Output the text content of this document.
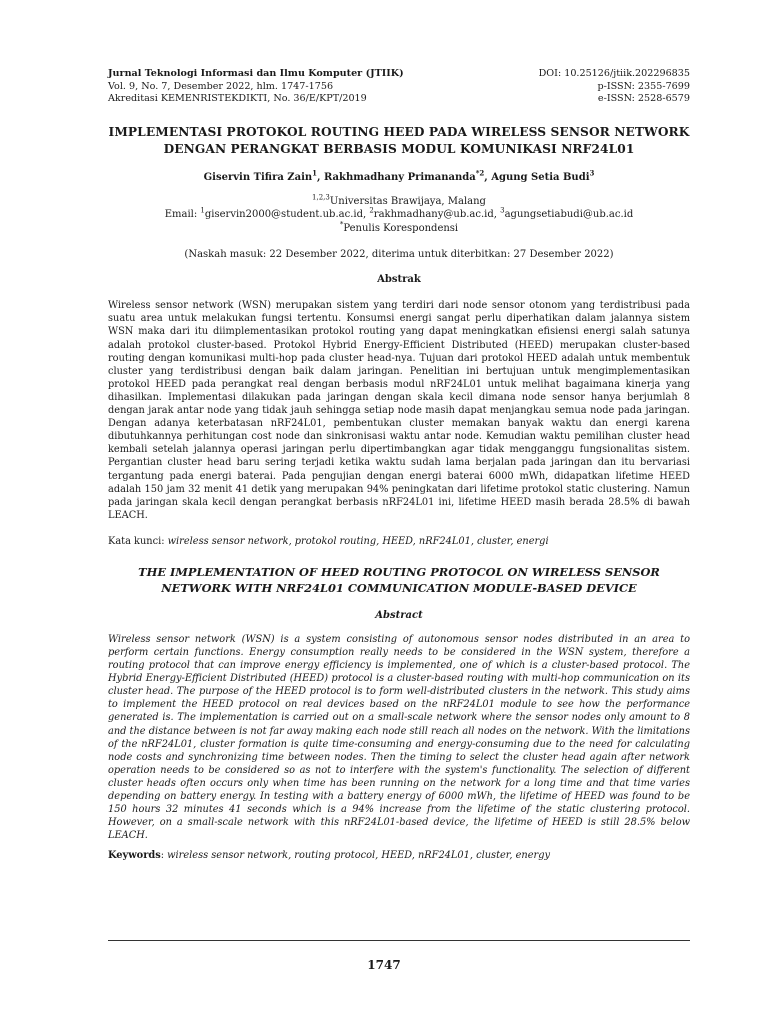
Jurnal Teknologi Informasi dan Ilmu Komputer (JTIIK)
Vol. 9, No. 7, Desember 2022, hlm. 1747-1756
Akreditasi KEMENRISTEKDIKTI, No. 36/E/KPT/2019
DOI: 10.25126/jtiik.202296835
p-ISSN: 2355-7699
e-ISSN: 2528-6579
IMPLEMENTASI PROTOKOL ROUTING HEED PADA WIRELESS SENSOR NETWORK DENGAN PERANGKAT BERBASIS MODUL KOMUNIKASI NRF24L01
Giservin Tifira Zain$^1$, Rakhmadhany Primananda$^{*2}$, Agung Setia Budi$^3$
$^{1,2,3}$Universitas Brawijaya, Malang
Email: $^1$giservin2000@student.ub.ac.id, $^2$rakhmadhany@ub.ac.id, $^3$agungsetiabudi@ub.ac.id
*Penulis Korespondensi
(Naskah masuk: 22 Desember 2022, diterima untuk diterbitkan: 27 Desember 2022)
Abstrak
Wireless sensor network (WSN) merupakan sistem yang terdiri dari node sensor otonom yang terdistribusi pada suatu area untuk melakukan fungsi tertentu. Konsumsi energi sangat perlu diperhatikan dalam jalannya sistem WSN maka dari itu diimplementasikan protokol routing yang dapat meningkatkan efisiensi energi salah satunya adalah protokol cluster-based. Protokol Hybrid Energy-Efficient Distributed (HEED) merupakan cluster-based routing dengan komunikasi multi-hop pada cluster head-nya. Tujuan dari protokol HEED adalah untuk membentuk cluster yang terdistribusi dengan baik dalam jaringan. Penelitian ini bertujuan untuk mengimplementasikan protokol HEED pada perangkat real dengan berbasis modul nRF24L01 untuk melihat bagaimana kinerja yang dihasilkan. Implementasi dilakukan pada jaringan dengan skala kecil dimana node sensor hanya berjumlah 8 dengan jarak antar node yang tidak jauh sehingga setiap node masih dapat menjangkau semua node pada jaringan. Dengan adanya keterbatasan nRF24L01, pembentukan cluster memakan banyak waktu dan energi karena dibutuhkannya perhitungan cost node dan sinkronisasi waktu antar node. Kemudian waktu pemilihan cluster head kembali setelah jalannya operasi jaringan perlu dipertimbangkan agar tidak mengganggu fungsionalitas sistem. Pergantian cluster head baru sering terjadi ketika waktu sudah lama berjalan pada jaringan dan itu bervariasi tergantung pada energi baterai. Pada pengujian dengan energi baterai 6000 mWh, didapatkan lifetime HEED adalah 150 jam 32 menit 41 detik yang merupakan 94% peningkatan dari lifetime protokol static clustering. Namun pada jaringan skala kecil dengan perangkat berbasis nRF24L01 ini, lifetime HEED masih berada 28.5% di bawah LEACH.
Kata kunci: wireless sensor network, protokol routing, HEED, nRF24L01, cluster, energi
THE IMPLEMENTATION OF HEED ROUTING PROTOCOL ON WIRELESS SENSOR NETWORK WITH NRF24L01 COMMUNICATION MODULE-BASED DEVICE
Abstract
Wireless sensor network (WSN) is a system consisting of autonomous sensor nodes distributed in an area to perform certain functions. Energy consumption really needs to be considered in the WSN system, therefore a routing protocol that can improve energy efficiency is implemented, one of which is a cluster-based protocol. The Hybrid Energy-Efficient Distributed (HEED) protocol is a cluster-based routing with multi-hop communication on its cluster head. The purpose of the HEED protocol is to form well-distributed clusters in the network. This study aims to implement the HEED protocol on real devices based on the nRF24L01 module to see how the performance generated is. The implementation is carried out on a small-scale network where the sensor nodes only amount to 8 and the distance between is not far away making each node still reach all nodes on the network. With the limitations of the nRF24L01, cluster formation is quite time-consuming and energy-consuming due to the need for calculating node costs and synchronizing time between nodes. Then the timing to select the cluster head again after network operation needs to be considered so as not to interfere with the system's functionality. The selection of different cluster heads often occurs only when time has been running on the network for a long time and that time varies depending on battery energy. In testing with a battery energy of 6000 mWh, the lifetime of HEED was found to be 150 hours 32 minutes 41 seconds which is a 94% increase from the lifetime of the static clustering protocol. However, on a small-scale network with this nRF24L01-based device, the lifetime of HEED is still 28.5% below LEACH.
Keywords: wireless sensor network, routing protocol, HEED, nRF24L01, cluster, energy
1747
